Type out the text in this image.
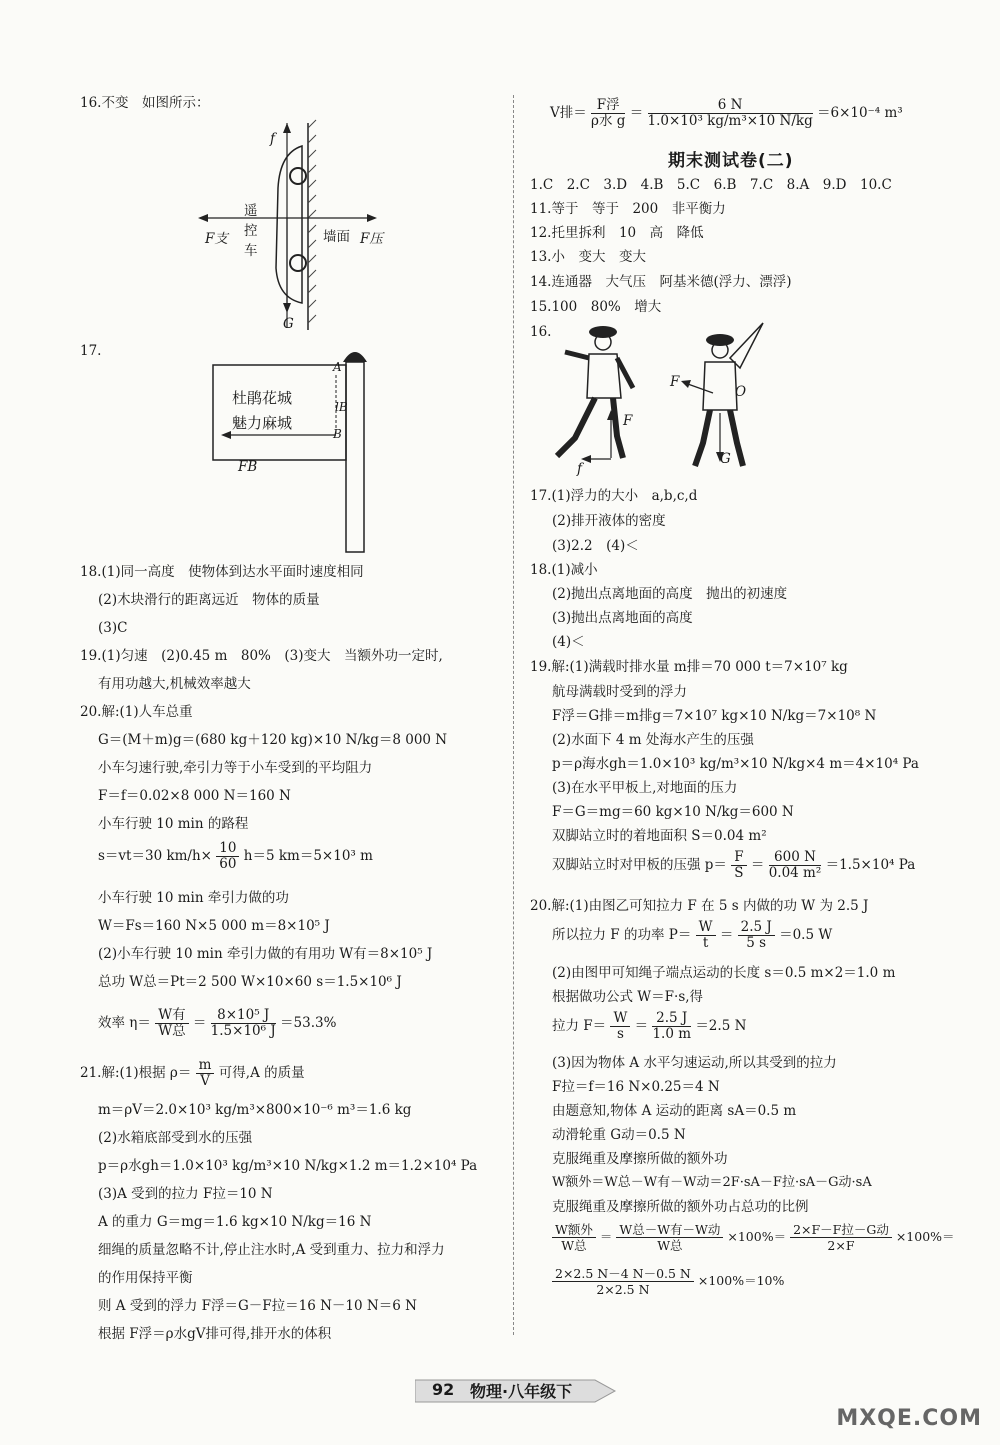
16.不变　如图所示：
f
F支
遥
控
车
墙面 F压
G
17.
杜鹃花城
魅力麻城
A
lB
B
FB
18.(1)同一高度　使物体到达水平面时速度相同
(2)木块滑行的距离远近　物体的质量
(3)C
19.(1)匀速　(2)0.45 m　80%　(3)变大　当额外功一定时,
有用功越大,机械效率越大
20.解:(1)人车总重
G＝(M＋m)g＝(680 kg＋120 kg)×10 N/kg＝8 000 N
小车匀速行驶,牵引力等于小车受到的平均阻力
F＝f＝0.02×8 000 N＝160 N
小车行驶 10 min 的路程
s＝vt＝30 $km/h\times \frac{10}{60} h=5$ km＝5×10³ m
小车行驶 10 min 牵引力做的功
W＝Fs＝160 N×5 000 m＝8×10⁵ J
(2)小车行驶 10 min 牵引力做的有用功 W有＝8×10⁵ J
总功 W总＝Pt＝2 500 W×10×60 s＝1.5×10⁶ J
效率 $\eta= \frac{\text{W有}}{\text{W总}} = \frac{\text{8×10⁵ J}}{\text{1.5×10⁶ J}} =53.3\%$
21.解:(1)根据 $\rho= \frac{m}{V}$ 可得,A 的质量
m＝ρV＝2.0×10³ kg/m³×800×10⁻⁶ m³＝1.6 kg
(2)水箱底部受到水的压强
p＝ρ水gh＝1.0×10³ kg/m³×10 N/kg×1.2 m＝1.2×10⁴ Pa
(3)A 受到的拉力 F拉＝10 N
A 的重力 G＝mg＝1.6 kg×10 N/kg＝16 N
细绳的质量忽略不计,停止注水时,A 受到重力、拉力和浮力
的作用保持平衡
则 A 受到的浮力 F浮＝G－F拉＝16 N－10 N＝6 N
根据 F浮＝ρ水gV排可得,排开水的体积
V排＝ $\frac{\text{F浮}}{\text{ρ水 g}} = \frac{6 N}{\text{1.0×10³ kg/m³×10 N/kg}} =6\times 10^{-4}$ m³
期末测试卷(二)
1.C　2.C　3.D　4.B　5.C　6.B　7.C　8.A　9.D　10.C
11.等于　等于　200　非平衡力
12.托里拆利　10　高　降低
13.小　变大　变大
14.连通器　大气压　阿基米德(浮力、漂浮)
15.100　80%　增大
16.
F
f
F
O
G
17.(1)浮力的大小　a,b,c,d
(2)排开液体的密度
(3)2.2　(4)＜
18.(1)减小
(2)抛出点离地面的高度　抛出的初速度
(3)抛出点离地面的高度
(4)＜
19.解:(1)满载时排水量 m排＝70 000 t＝7×10⁷ kg
航母满载时受到的浮力
F浮＝G排＝m排g＝7×10⁷ kg×10 N/kg＝7×10⁸ N
(2)水面下 4 m 处海水产生的压强
p＝ρ海水gh＝1.0×10³ kg/m³×10 N/kg×4 m＝4×10⁴ Pa
(3)在水平甲板上,对地面的压力
F＝G＝mg＝60 kg×10 N/kg＝600 N
双脚站立时的着地面积 S＝0.04 m²
双脚站立时对甲板的压强 $p= \frac{F}{S} = \frac{600 N}{\text{0.04 m²}} =1.5\times 10^4$ Pa
20.解:(1)由图乙可知拉力 F 在 5 s 内做的功 W 为 2.5 J
所以拉力 F 的功率 $P= \frac{W}{t} = \frac{2.5 J}{5 s} =0.5$ W
(2)由图甲可知绳子端点运动的长度 s＝0.5 m×2＝1.0 m
根据做功公式 W＝F·s,得
拉力 $F= \frac{W}{s} = \frac{2.5 J}{1.0 m} =2.5$ N
(3)因为物体 A 水平匀速运动,所以其受到的拉力
F拉＝f＝16 N×0.25＝4 N
由题意知,物体 A 运动的距离 sA＝0.5 m
动滑轮重 G动＝0.5 N
克服绳重及摩擦所做的额外功
W额外＝W总－W有－W动＝2F·sA－F拉·sA－G动·sA
克服绳重及摩擦所做的额外功占总功的比例
$\frac{\text{W额外}}{\text{W总}} = \frac{\text{W总－W有－W动}}{\text{W总}} \times 100\%= \frac{\text{2×F－F拉－G动}}{2\times F} \times 100\%=$
$\frac{2\times 2.5 N-4 N-0.5 N}{2\times 2.5 N} \times 100\%=10\%$
92 物理·八年级下
MXQE.COM
